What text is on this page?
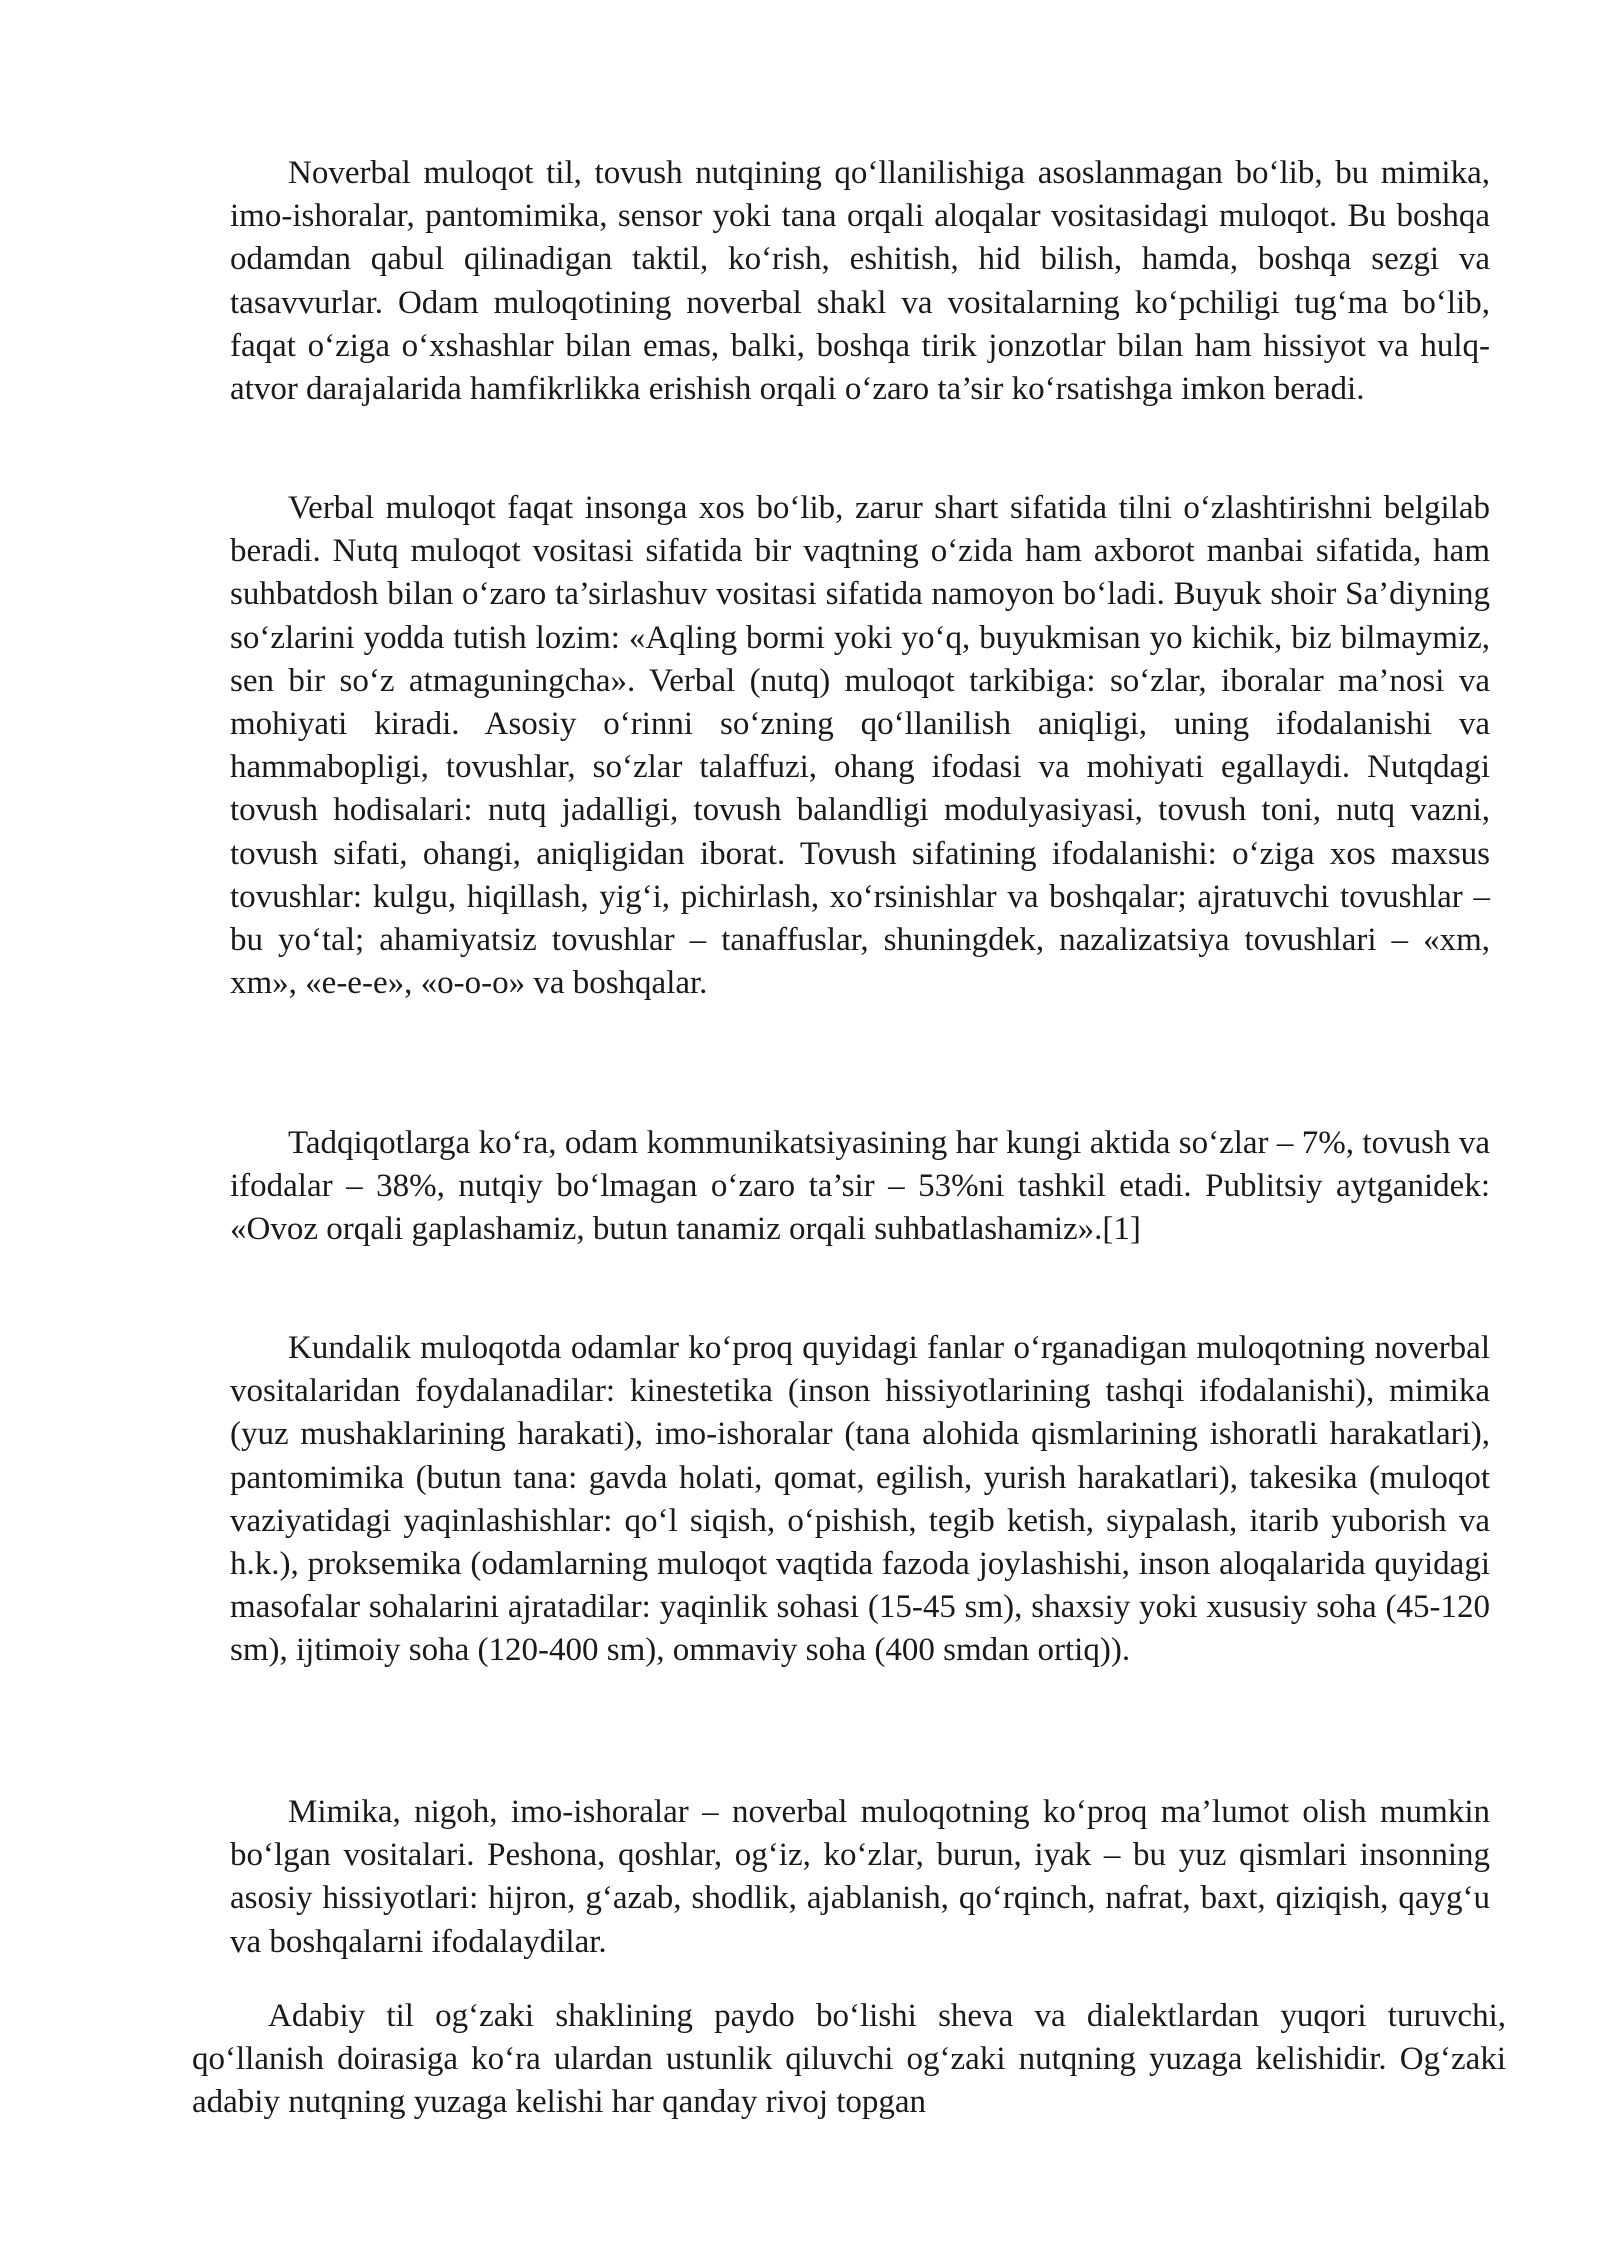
Noverbal muloqot til, tovush nutqining qo‘llanilishiga asoslanmagan bo‘lib, bu mimika, imo-ishoralar, pantomimika, sensor yoki tana orqali aloqalar vositasidagi muloqot. Bu boshqa odamdan qabul qilinadigan taktil, ko‘rish, eshitish, hid bilish, hamda, boshqa sezgi va tasavvurlar. Odam muloqotining noverbal shakl va vositalarning ko‘pchiligi tug‘ma bo‘lib, faqat o‘ziga o‘xshashlar bilan emas, balki, boshqa tirik jonzotlar bilan ham hissiyot va hulq-atvor darajalarida hamfikrlikka erishish orqali o‘zaro ta’sir ko‘rsatishga imkon beradi.

Verbal muloqot faqat insonga xos bo‘lib, zarur shart sifatida tilni o‘zlashtirishni belgilab beradi. Nutq muloqot vositasi sifatida bir vaqtning o‘zida ham axborot manbai sifatida, ham suhbatdosh bilan o‘zaro ta’sirlashuv vositasi sifatida namoyon bo‘ladi. Buyuk shoir Sa’diyning so‘zlarini yodda tutish lozim: «Aqling bormi yoki yo‘q, buyukmisan yo kichik, biz bilmaymiz, sen bir so‘z atmaguningcha». Verbal (nutq) muloqot tarkibiga: so‘zlar, iboralar ma’nosi va mohiyati kiradi. Asosiy o‘rinni so‘zning qo‘llanilish aniqligi, uning ifodalanishi va hammabopligi, tovushlar, so‘zlar talaffuzi, ohang ifodasi va mohiyati egallaydi. Nutqdagi tovush hodisalari: nutq jadalligi, tovush balandligi modulyasiyasi, tovush toni, nutq vazni, tovush sifati, ohangi, aniqligidan iborat. Tovush sifatining ifodalanishi: o‘ziga xos maxsus tovushlar: kulgu, hiqillash, yig‘i, pichirlash, xo‘rsinishlar va boshqalar; ajratuvchi tovushlar – bu yo‘tal; ahamiyatsiz tovushlar – tanaffuslar, shuningdek, nazalizatsiya tovushlari – «xm, xm», «e-e-e», «o-o-o» va boshqalar.

Tadqiqotlarga ko‘ra, odam kommunikatsiyasining har kungi aktida so‘zlar – 7%, tovush va ifodalar – 38%, nutqiy bo‘lmagan o‘zaro ta’sir – 53%ni tashkil etadi. Publitsiy aytganidek: «Ovoz orqali gaplashamiz, butun tanamiz orqali suhbatlashamiz».[1]

Kundalik muloqotda odamlar ko‘proq quyidagi fanlar o‘rganadigan muloqotning noverbal vositalaridan foydalanadilar: kinestetika (inson hissiyotlarining tashqi ifodalanishi), mimika (yuz mushaklarining harakati), imo-ishoralar (tana alohida qismlarining ishoratli harakatlari), pantomimika (butun tana: gavda holati, qomat, egilish, yurish harakatlari), takesika (muloqot vaziyatidagi yaqinlashishlar: qo‘l siqish, o‘pishish, tegib ketish, siypalash, itarib yuborish va h.k.), proksemika (odamlarning muloqot vaqtida fazoda joylashishi, inson aloqalarida quyidagi masofalar sohalarini ajratadilar: yaqinlik sohasi (15-45 sm), shaxsiy yoki xususiy soha (45-120 sm), ijtimoiy soha (120-400 sm), ommaviy soha (400 smdan ortiq)).

Mimika, nigoh, imo-ishoralar – noverbal muloqotning ko‘proq ma’lumot olish mumkin bo‘lgan vositalari. Peshona, qoshlar, og‘iz, ko‘zlar, burun, iyak – bu yuz qismlari insonning asosiy hissiyotlari: hijron, g‘azab, shodlik, ajablanish, qo‘rqinch, nafrat, baxt, qiziqish, qayg‘u va boshqalarni ifodalaydilar.

Adabiy til og‘zaki shaklining paydo bo‘lishi sheva va dialektlardan yuqori turuvchi, qo‘llanish doirasiga ko‘ra ulardan ustunlik qiluvchi og‘zaki nutqning yuzaga kelishidir. Og‘zaki adabiy nutqning yuzaga kelishi har qanday rivoj topgan
